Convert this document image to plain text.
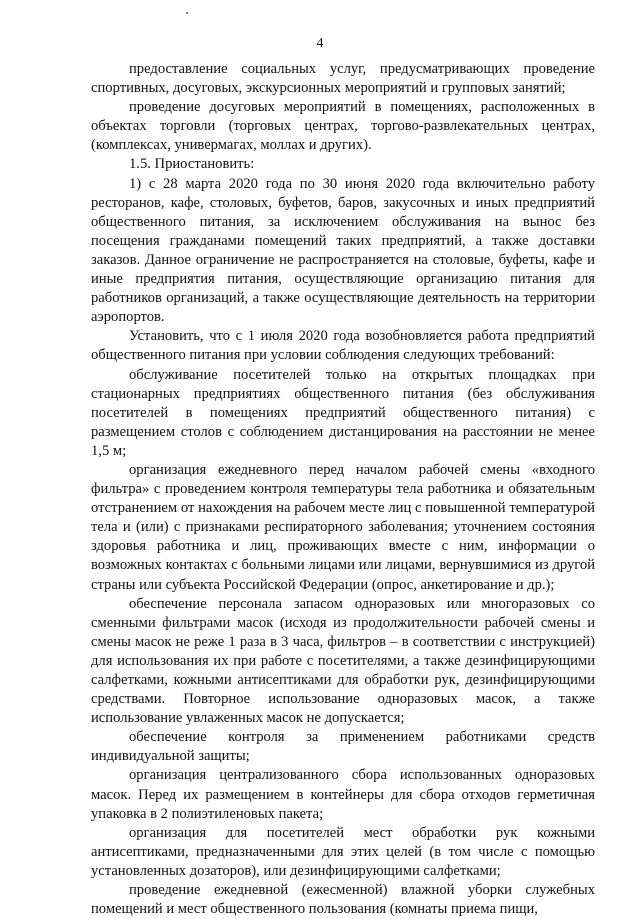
4

предоставление социальных услуг, предусматривающих проведение спортивных, досуговых, экскурсионных мероприятий и групповых занятий;

проведение досуговых мероприятий в помещениях, расположенных в объектах торговли (торговых центрах, торгово-развлекательных центрах, (комплексах, универмагах, моллах и других).

1.5. Приостановить:

1) с 28 марта 2020 года по 30 июня 2020 года включительно работу ресторанов, кафе, столовых, буфетов, баров, закусочных и иных предприятий общественного питания, за исключением обслуживания на вынос без посещения гражданами помещений таких предприятий, а также доставки заказов. Данное ограничение не распространяется на столовые, буфеты, кафе и иные предприятия питания, осуществляющие организацию питания для работников организаций, а также осуществляющие деятельность на территории аэропортов.

Установить, что с 1 июля 2020 года возобновляется работа предприятий общественного питания при условии соблюдения следующих требований:

обслуживание посетителей только на открытых площадках при стационарных предприятиях общественного питания (без обслуживания посетителей в помещениях предприятий общественного питания) с размещением столов с соблюдением дистанцирования на расстоянии не менее 1,5 м;

организация ежедневного перед началом рабочей смены «входного фильтра» с проведением контроля температуры тела работника и обязательным отстранением от нахождения на рабочем месте лиц с повышенной температурой тела и (или) с признаками респираторного заболевания; уточнением состояния здоровья работника и лиц, проживающих вместе с ним, информации о возможных контактах с больными лицами или лицами, вернувшимися из другой страны или субъекта Российской Федерации (опрос, анкетирование и др.);

обеспечение персонала запасом одноразовых или многоразовых со сменными фильтрами масок (исходя из продолжительности рабочей смены и смены масок не реже 1 раза в 3 часа, фильтров – в соответствии с инструкцией) для использования их при работе с посетителями, а также дезинфицирующими салфетками, кожными антисептиками для обработки рук, дезинфицирующими средствами. Повторное использование одноразовых масок, а также использование увлаженных масок не допускается;

обеспечение контроля за применением работниками средств индивидуальной защиты;

организация централизованного сбора использованных одноразовых масок. Перед их размещением в контейнеры для сбора отходов герметичная упаковка в 2 полиэтиленовых пакета;

организация для посетителей мест обработки рук кожными антисептиками, предназначенными для этих целей (в том числе с помощью установленных дозаторов), или дезинфицирующими салфетками;

проведение ежедневной (ежесменной) влажной уборки служебных помещений и мест общественного пользования (комнаты приема пищи,
